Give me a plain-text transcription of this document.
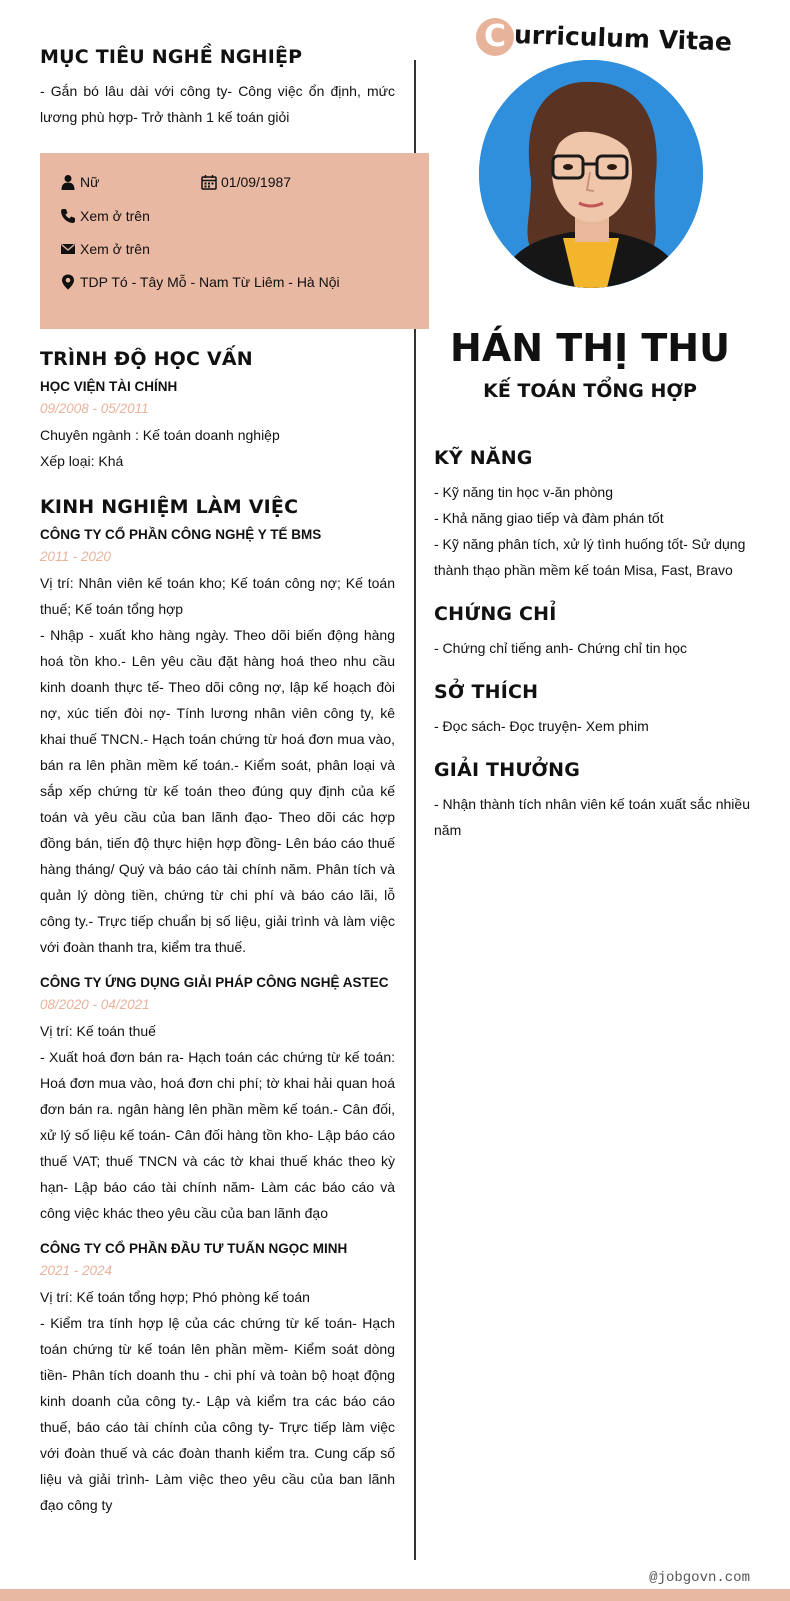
C urriculum Vitae
HÁN THỊ THU
KẾ TOÁN TỔNG HỢP
MỤC TIÊU NGHỀ NGHIỆP

- Gắn bó lâu dài với công ty- Công việc ổn định, mức lương phù hợp- Trở thành 1 kế toán giỏi

Nữ	01/09/1987
Xem ở trên
Xem ở trên
TDP Tó - Tây Mỗ - Nam Từ Liêm - Hà Nội
TRÌNH ĐỘ HỌC VẤN

HỌC VIỆN TÀI CHÍNH

09/2008 - 05/2011

Chuyên ngành : Kế toán doanh nghiệp

Xếp loại: Khá

KINH NGHIỆM LÀM VIỆC

CÔNG TY CỔ PHẦN CÔNG NGHỆ Y TẾ BMS

2011 - 2020

Vị trí: Nhân viên kế toán kho; Kế toán công nợ; Kế toán thuế; Kế toán tổng hợp

- Nhập - xuất kho hàng ngày. Theo dõi biến động hàng hoá tồn kho.- Lên yêu cầu đặt hàng hoá theo nhu cầu kinh doanh thực tế- Theo dõi công nợ, lập kế hoạch đòi nợ, xúc tiến đòi nợ- Tính lương nhân viên công ty, kê khai thuế TNCN.- Hạch toán chứng từ hoá đơn mua vào, bán ra lên phần mềm kế toán.- Kiểm soát, phân loại và sắp xếp chứng từ kế toán theo đúng quy định của kế toán và yêu cầu của ban lãnh đạo- Theo dõi các hợp đồng bán, tiến độ thực hiện hợp đồng- Lên báo cáo thuế hàng tháng/ Quý và báo cáo tài chính năm. Phân tích và quản lý dòng tiền, chứng từ chi phí và báo cáo lãi, lỗ công ty.- Trực tiếp chuẩn bị số liệu, giải trình và làm việc với đoàn thanh tra, kiểm tra thuế.

CÔNG TY ỨNG DỤNG GIẢI PHÁP CÔNG NGHỆ ASTEC

08/2020 - 04/2021

Vị trí: Kế toán thuế

- Xuất hoá đơn bán ra- Hạch toán các chứng từ kế toán: Hoá đơn mua vào, hoá đơn chi phí; tờ khai hải quan hoá đơn bán ra. ngân hàng lên phần mềm kế toán.- Cân đối, xử lý số liệu kế toán- Cân đối hàng tồn kho- Lập báo cáo thuế VAT; thuế TNCN và các tờ khai thuế khác theo kỳ hạn- Lập báo cáo tài chính năm- Làm các báo cáo và công việc khác theo yêu cầu của ban lãnh đạo

CÔNG TY CỔ PHẦN ĐẦU TƯ TUẤN NGỌC MINH

2021 - 2024

Vị trí: Kế toán tổng hợp; Phó phòng kế toán

- Kiểm tra tính hợp lệ của các chứng từ kế toán- Hạch toán chứng từ kế toán lên phần mềm- Kiểm soát dòng tiền- Phân tích doanh thu - chi phí và toàn bộ hoạt động kinh doanh của công ty.- Lập và kiểm tra các báo cáo thuế, báo cáo tài chính của công ty- Trực tiếp làm việc với đoàn thuế và các đoàn thanh kiểm tra. Cung cấp số liệu và giải trình- Làm việc theo yêu cầu của ban lãnh đạo công ty

KỸ NĂNG

- Kỹ năng tin học v-ăn phòng

- Khả năng giao tiếp và đàm phán tốt

- Kỹ năng phân tích, xử lý tình huống tốt- Sử dụng thành thạo phần mềm kế toán Misa, Fast, Bravo

CHỨNG CHỈ

- Chứng chỉ tiếng anh- Chứng chỉ tin học

SỞ THÍCH

- Đọc sách- Đọc truyện- Xem phim

GIẢI THƯỞNG

- Nhận thành tích nhân viên kế toán xuất sắc nhiều năm

@jobgovn.com
